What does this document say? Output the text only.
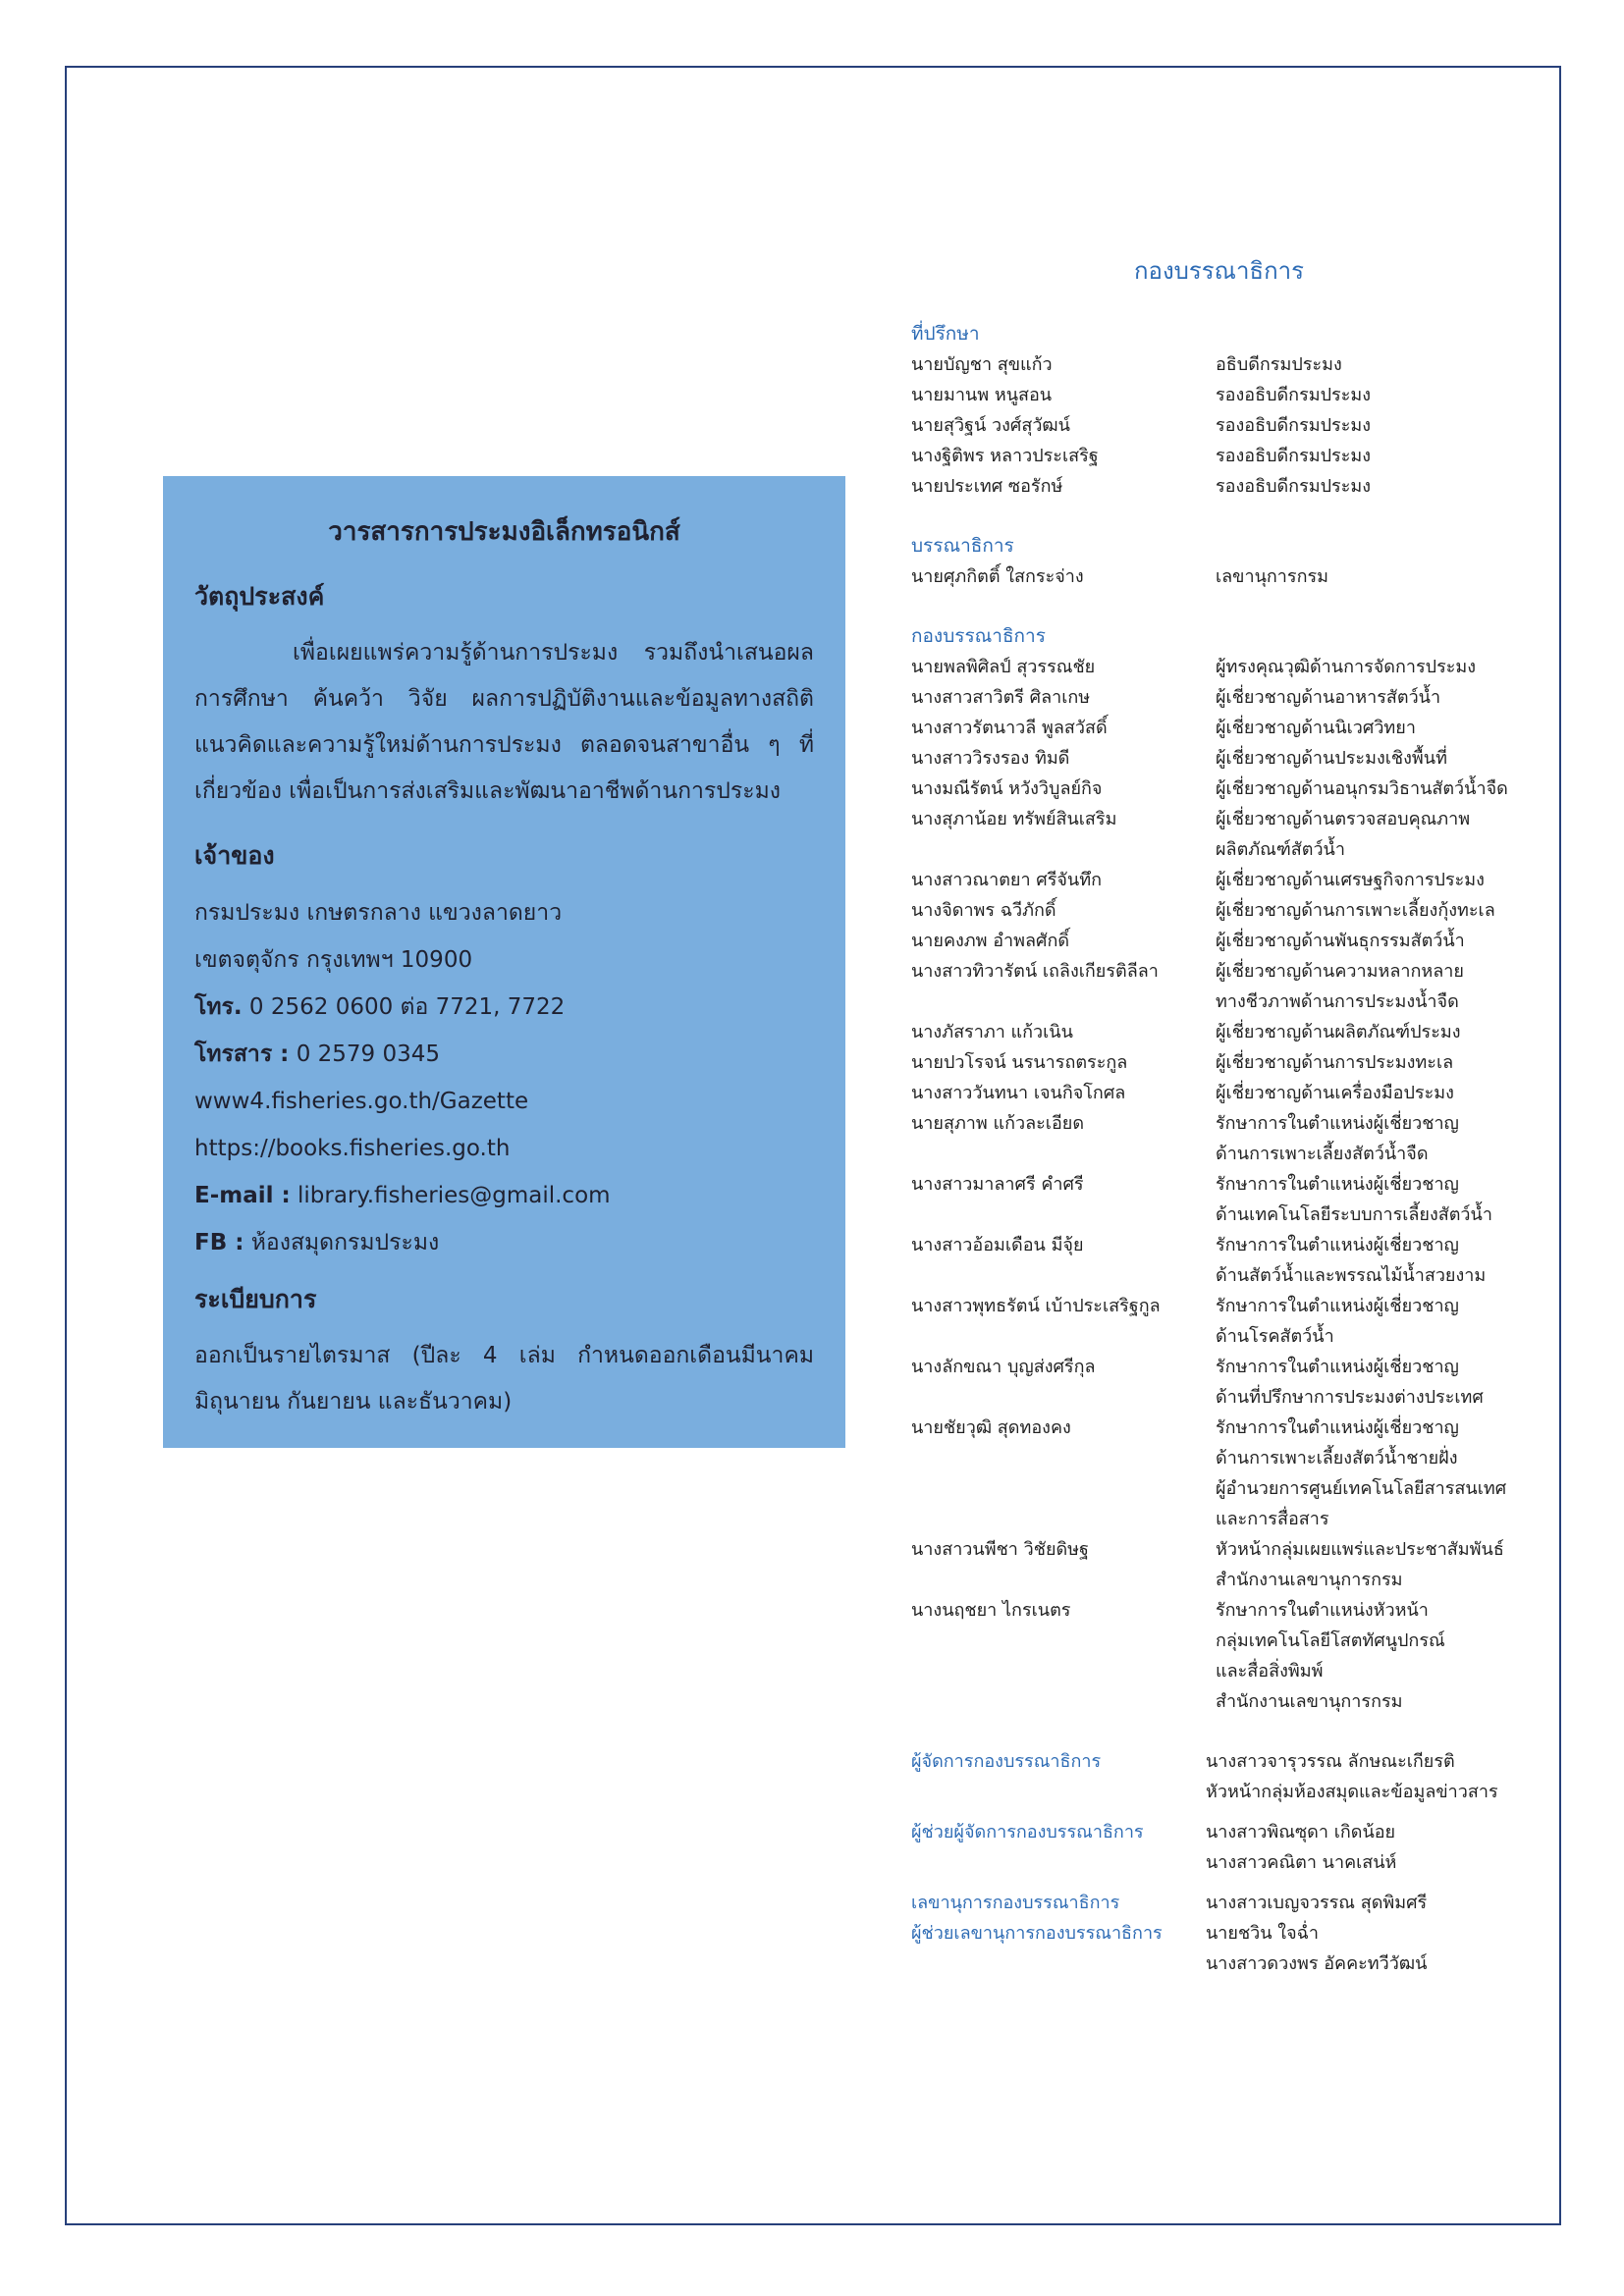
วารสารการประมงอิเล็กทรอนิกส์
วัตถุประสงค์
เพื่อเผยแพร่ความรู้ด้านการประมง รวมถึงนำเสนอผลการศึกษา ค้นคว้า วิจัย ผลการปฏิบัติงานและข้อมูลทางสถิติ แนวคิดและความรู้ใหม่ด้านการประมง ตลอดจนสาขาอื่น ๆ ที่เกี่ยวข้อง เพื่อเป็นการส่งเสริมและพัฒนาอาชีพด้านการประมง
เจ้าของ
กรมประมง เกษตรกลาง แขวงลาดยาว
เขตจตุจักร กรุงเทพฯ 10900
โทร. 0 2562 0600 ต่อ 7721, 7722
โทรสาร : 0 2579 0345
www4.fisheries.go.th/Gazette
https://books.fisheries.go.th
E-mail : library.fisheries@gmail.com
FB : ห้องสมุดกรมประมง
ระเบียบการ
ออกเป็นรายไตรมาส (ปีละ 4 เล่ม กำหนดออกเดือนมีนาคม มิถุนายน กันยายน และธันวาคม)
กองบรรณาธิการ
ที่ปรึกษา
นายบัญชา สุขแก้ว	อธิบดีกรมประมง
นายมานพ หนูสอน	รองอธิบดีกรมประมง
นายสุวิฐน์ วงศ์สุวัฒน์	รองอธิบดีกรมประมง
นางฐิติพร หลาวประเสริฐ	รองอธิบดีกรมประมง
นายประเทศ ซอรักษ์	รองอธิบดีกรมประมง
บรรณาธิการ
นายศุภกิตติ์ ใสกระจ่าง	เลขานุการกรม
กองบรรณาธิการ
นายพลพิศิลป์ สุวรรณชัย	ผู้ทรงคุณวุฒิด้านการจัดการประมง
นางสาวสาวิตรี ศิลาเกษ	ผู้เชี่ยวชาญด้านอาหารสัตว์น้ำ
นางสาวรัตนาวลี พูลสวัสดิ์	ผู้เชี่ยวชาญด้านนิเวศวิทยา
นางสาววิรงรอง ทิมดี	ผู้เชี่ยวชาญด้านประมงเชิงพื้นที่
นางมณีรัตน์ หวังวิบูลย์กิจ	ผู้เชี่ยวชาญด้านอนุกรมวิธานสัตว์น้ำจืด
นางสุภาน้อย ทรัพย์สินเสริม	ผู้เชี่ยวชาญด้านตรวจสอบคุณภาพ
ผลิตภัณฑ์สัตว์น้ำ
นางสาวณาตยา ศรีจันทึก	ผู้เชี่ยวชาญด้านเศรษฐกิจการประมง
นางจิดาพร ฉวีภักดิ์	ผู้เชี่ยวชาญด้านการเพาะเลี้ยงกุ้งทะเล
นายคงภพ อำพลศักดิ์	ผู้เชี่ยวชาญด้านพันธุกรรมสัตว์น้ำ
นางสาวทิวารัตน์ เถลิงเกียรติลีลา	ผู้เชี่ยวชาญด้านความหลากหลาย
ทางชีวภาพด้านการประมงน้ำจืด
นางภัสราภา แก้วเนิน	ผู้เชี่ยวชาญด้านผลิตภัณฑ์ประมง
นายปวโรจน์ นรนารถตระกูล	ผู้เชี่ยวชาญด้านการประมงทะเล
นางสาววันทนา เจนกิจโกศล	ผู้เชี่ยวชาญด้านเครื่องมือประมง
นายสุภาพ แก้วละเอียด	รักษาการในตำแหน่งผู้เชี่ยวชาญ
ด้านการเพาะเลี้ยงสัตว์น้ำจืด
นางสาวมาลาศรี คำศรี	รักษาการในตำแหน่งผู้เชี่ยวชาญ
ด้านเทคโนโลยีระบบการเลี้ยงสัตว์น้ำ
นางสาวอ้อมเดือน มีจุ้ย	รักษาการในตำแหน่งผู้เชี่ยวชาญ
ด้านสัตว์น้ำและพรรณไม้น้ำสวยงาม
นางสาวพุทธรัตน์ เบ้าประเสริฐกูล	รักษาการในตำแหน่งผู้เชี่ยวชาญ
ด้านโรคสัตว์น้ำ
นางลักขณา บุญส่งศรีกุล	รักษาการในตำแหน่งผู้เชี่ยวชาญ
ด้านที่ปรึกษาการประมงต่างประเทศ
นายชัยวุฒิ สุดทองคง	รักษาการในตำแหน่งผู้เชี่ยวชาญ
ด้านการเพาะเลี้ยงสัตว์น้ำชายฝั่ง
ผู้อำนวยการศูนย์เทคโนโลยีสารสนเทศ
และการสื่อสาร
นางสาวนพีชา วิชัยดิษฐ	หัวหน้ากลุ่มเผยแพร่และประชาสัมพันธ์
สำนักงานเลขานุการกรม
นางนฤชยา ไกรเนตร	รักษาการในตำแหน่งหัวหน้า
กลุ่มเทคโนโลยีโสตทัศนูปกรณ์
และสื่อสิ่งพิมพ์
สำนักงานเลขานุการกรม
ผู้จัดการกองบรรณาธิการ	นางสาวจารุวรรณ ลักษณะเกียรติ
หัวหน้ากลุ่มห้องสมุดและข้อมูลข่าวสาร
ผู้ช่วยผู้จัดการกองบรรณาธิการ	นางสาวพิณซุดา เกิดน้อย
นางสาวคณิตา นาคเสน่ห์
เลขานุการกองบรรณาธิการ	นางสาวเบญจวรรณ สุดพิมศรี
ผู้ช่วยเลขานุการกองบรรณาธิการ	นายชวิน ใจฉ่ำ
นางสาวดวงพร อัคคะทวีวัฒน์
